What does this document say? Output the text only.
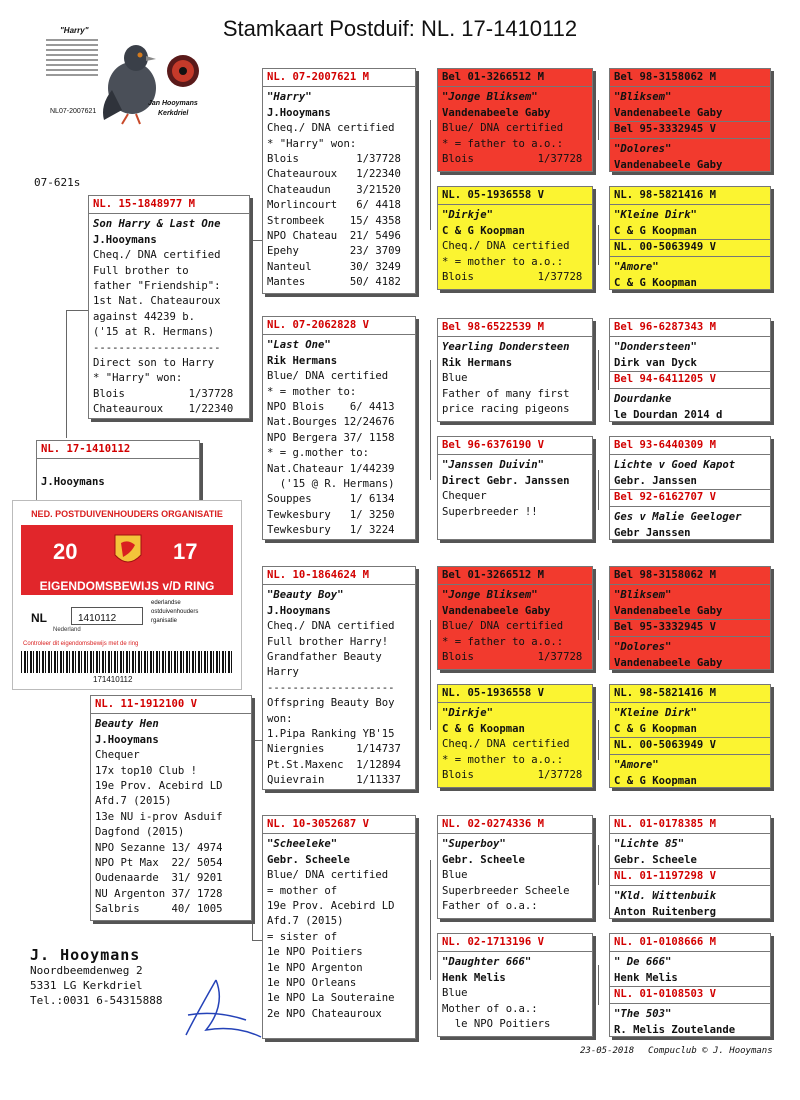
Stamkaart Postduif: NL. 17-1410112
"Harry"
NL07-2007621
Jan Hooymans
Kerkdriel
07-621s
NL. 17-1410112
J.Hooymans
NED. POSTDUIVENHOUDERS ORGANISATIE
20	17
EIGENDOMSBEWIJS v/D RING
NL	1410112
ederlandse
ostduivenhouders
rganisatie
Nederland
Controleer dit eigendomsbewijs met de ring
171410112
NL. 15-1848977 M
Son Harry & Last One
J.Hooymans
Cheq./ DNA certified
Full brother to
father "Friendship":
1st Nat. Chateauroux
against 44239 b.
('15 at R. Hermans)
--------------------
Direct son to Harry
* "Harry" won:
Blois          1/37728
Chateauroux    1/22340
NL. 11-1912100 V
Beauty Hen
J.Hooymans
Chequer
17x top10 Club !
19e Prov. Acebird LD
Afd.7 (2015)
13e NU i-prov Asduif
Dagfond (2015)
NPO Sezanne 13/ 4974
NPO Pt Max  22/ 5054
Oudenaarde  31/ 9201
NU Argenton 37/ 1728
Salbris     40/ 1005
NL. 07-2007621 M
"Harry"
J.Hooymans
Cheq./ DNA certified
* "Harry" won:
Blois         1/37728
Chateauroux   1/22340
Chateaudun    3/21520
Morlincourt   6/ 4418
Strombeek    15/ 4358
NPO Chateau  21/ 5496
Epehy        23/ 3709
Nanteul      30/ 3249
Mantes       50/ 4182
NL. 07-2062828 V
"Last One"
Rik Hermans
Blue/ DNA certified
* = mother to:
NPO Blois    6/ 4413
Nat.Bourges 12/24676
NPO Bergera 37/ 1158
* = g.mother to:
Nat.Chateaur 1/44239
('15 @ R. Hermans)
Souppes      1/ 6134
Tewkesbury   1/ 3250
Tewkesbury   1/ 3224
NL. 10-1864624 M
"Beauty Boy"
J.Hooymans
Cheq./ DNA certified
Full brother Harry!
Grandfather Beauty
Harry
--------------------
Offspring Beauty Boy
won:
1.Pipa Ranking YB'15
Niergnies     1/14737
Pt.St.Maxenc  1/12894
Quievrain     1/11337
NL. 10-3052687 V
"Scheeleke"
Gebr. Scheele
Blue/ DNA certified
= mother of
19e Prov. Acebird LD
Afd.7 (2015)
= sister of
1e NPO Poitiers
1e NPO Argenton
1e NPO Orleans
1e NPO La Souteraine
2e NPO Chateauroux
Bel 01-3266512 M
"Jonge Bliksem"
Vandenabeele Gaby
Blue/ DNA certified
* = father to a.o.:
Blois          1/37728
NL. 05-1936558 V
"Dirkje"
C & G Koopman
Cheq./ DNA certified
* = mother to a.o.:
Blois          1/37728
Bel 98-6522539 M
Yearling Dondersteen
Rik Hermans
Blue
Father of many first
price racing pigeons
Bel 96-6376190 V
"Janssen Duivin"
Direct Gebr. Janssen
Chequer
Superbreeder !!
Bel 01-3266512 M
"Jonge Bliksem"
Vandenabeele Gaby
Blue/ DNA certified
* = father to a.o.:
Blois          1/37728
NL. 05-1936558 V
"Dirkje"
C & G Koopman
Cheq./ DNA certified
* = mother to a.o.:
Blois          1/37728
NL. 02-0274336 M
"Superboy"
Gebr. Scheele
Blue
Superbreeder Scheele
Father of o.a.:
NL. 02-1713196 V
"Daughter 666"
Henk Melis
Blue
Mother of o.a.:
le NPO Poitiers
Bel 98-3158062 M
"Bliksem"
Vandenabeele Gaby
Bel 95-3332945 V
"Dolores"
Vandenabeele Gaby
NL. 98-5821416 M
"Kleine Dirk"
C & G Koopman
NL. 00-5063949 V
"Amore"
C & G Koopman
Bel 96-6287343 M
"Dondersteen"
Dirk van Dyck
Bel 94-6411205 V
Dourdanke
le Dourdan 2014 d
Bel 93-6440309 M
Lichte v Goed Kapot
Gebr. Janssen
Bel 92-6162707 V
Ges v Malie Geeloger
Gebr Janssen
Bel 98-3158062 M
"Bliksem"
Vandenabeele Gaby
Bel 95-3332945 V
"Dolores"
Vandenabeele Gaby
NL. 98-5821416 M
"Kleine Dirk"
C & G Koopman
NL. 00-5063949 V
"Amore"
C & G Koopman
NL. 01-0178385 M
"Lichte 85"
Gebr. Scheele
NL. 01-1197298 V
"Kld. Wittenbuik
Anton Ruitenberg
NL. 01-0108666 M
" De 666"
Henk Melis
NL. 01-0108503 V
"The 503"
R. Melis Zoutelande
J. Hooymans
Noordbeemdenweg 2
5331 LG Kerkdriel
Tel.:0031 6-54315888
23-05-2018 Compuclub © J. Hooymans
